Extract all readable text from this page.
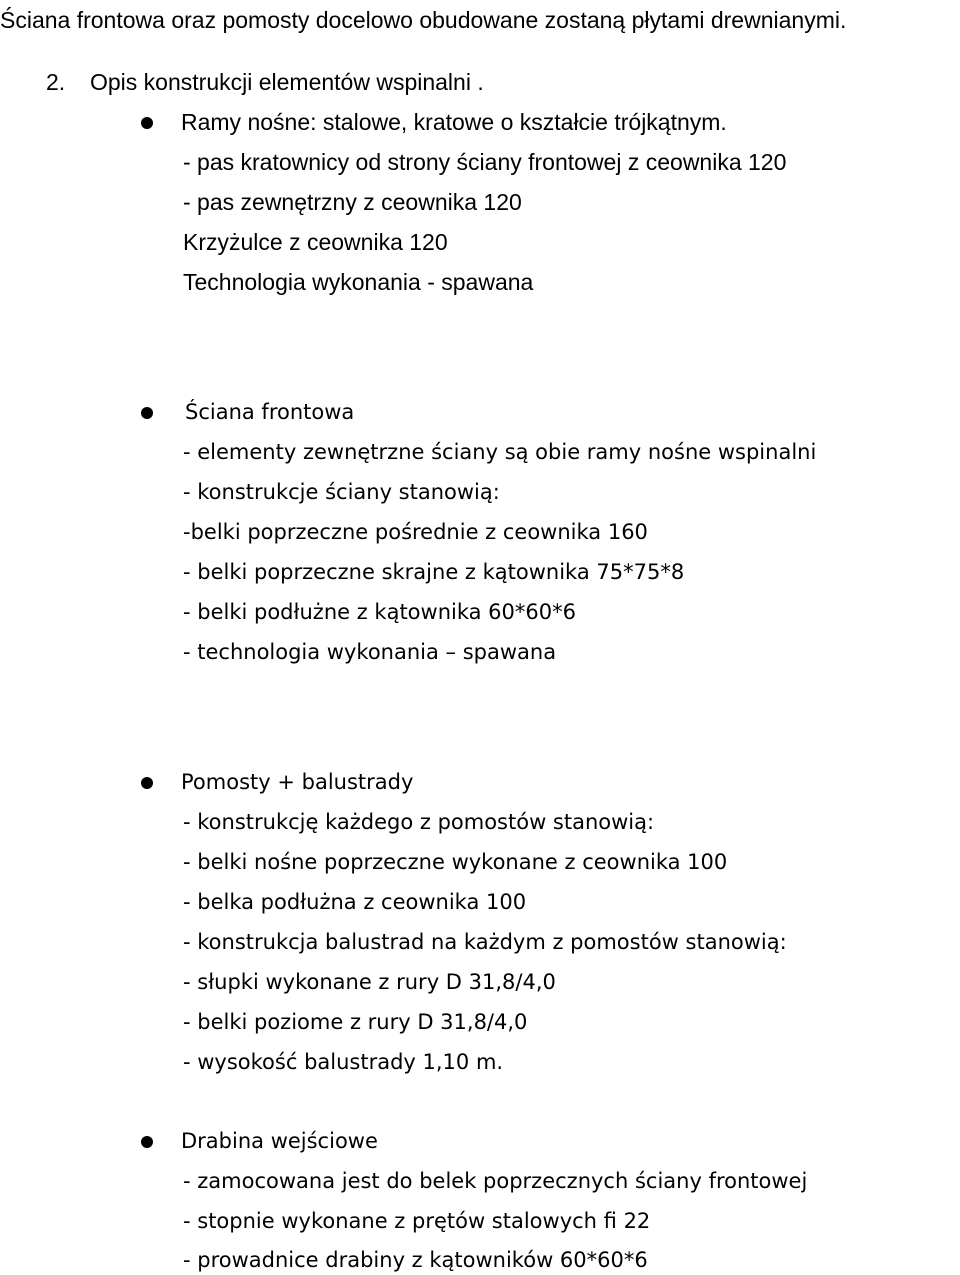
Ściana frontowa oraz pomosty docelowo obudowane zostaną płytami drewnianymi.
2. Opis konstrukcji elementów wspinalni .
Ramy nośne: stalowe, kratowe o kształcie trójkątnym.
- pas kratownicy od strony ściany frontowej z ceownika 120
- pas zewnętrzny z ceownika 120
Krzyżulce z ceownika 120
Technologia wykonania - spawana
Ściana frontowa
- elementy zewnętrzne ściany są obie ramy nośne wspinalni
- konstrukcje ściany stanowią:
-belki poprzeczne pośrednie z ceownika 160
- belki poprzeczne skrajne z kątownika 75*75*8
- belki podłużne z kątownika 60*60*6
- technologia wykonania – spawana
Pomosty + balustrady
- konstrukcję każdego z pomostów stanowią:
- belki nośne poprzeczne wykonane z ceownika 100
- belka podłużna z ceownika 100
- konstrukcja balustrad na każdym z pomostów stanowią:
- słupki wykonane z rury D 31,8/4,0
- belki poziome z rury D 31,8/4,0
- wysokość balustrady 1,10 m.
Drabina wejściowe
- zamocowana jest do belek poprzecznych ściany frontowej
- stopnie wykonane z prętów stalowych fi 22
- prowadnice drabiny z kątowników 60*60*6
